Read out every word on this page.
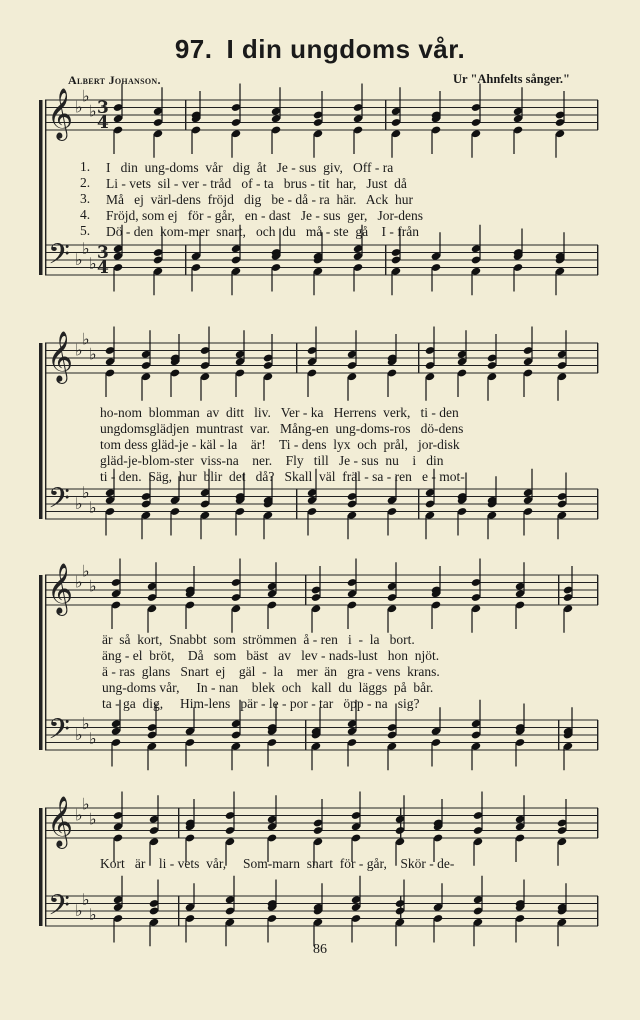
97. I din ungdoms vår.
Albert Johanson.	Ur "Ahnfelts sånger."
𝄞
𝄢
♭
♭
♭
♭
♭
♭
3
4
3
4
𝄞
𝄢
♭
♭
♭
♭
♭
♭
𝄞
𝄢
♭
♭
♭
♭
♭
♭
𝄞
𝄢
♭
♭
♭
♭
♭
♭
1.
2.
3.
4.
5.
I   din  ung-doms  vår   dig  åt   Je - sus  giv,   Off - ra
Li - vets  sil - ver - tråd   of - ta   brus - tit  har,   Just  då
Må   ej  värl-dens  fröjd   dig   be - då - ra  här.   Ack  hur
Fröjd, som ej   för - går,   en - dast   Je - sus  ger,   Jor-dens
Dö - den  kom-mer  snart,   och  du   må - ste  gå    I - från
ho-nom  blomman  av  ditt   liv.   Ver - ka   Herrens  verk,   ti - den
ungdomsglädjen  muntrast  var.   Mång-en  ung-doms-ros   dö-dens
tom dess gläd-je - käl - la    är!    Ti - dens  lyx  och  prål,   jor-disk
gläd-je-blom-ster  viss-na    ner.    Fly   till   Je - sus  nu    i   din
ti - den.  Säg,  hur  blir  det   då?   Skall  väl  fräl - sa - ren   e - mot-
är  så  kort,  Snabbt  som  strömmen  å - ren   i  -  la   bort.
äng - el  bröt,    Då   som   bäst   av   lev - nads-lust   hon  njöt.
ä - ras  glans   Snart  ej    gäl  -  la    mer  än   gra - vens  krans.
ung-doms vår,     In - nan    blek  och   kall  du  läggs  på  bår.
ta - ga  dig,     Him-lens   pär - le - por - tar   öpp - na   sig?
Kort   är    li - vets  vår,     Som-marn  snart  för - går,    Skör - de-
86
